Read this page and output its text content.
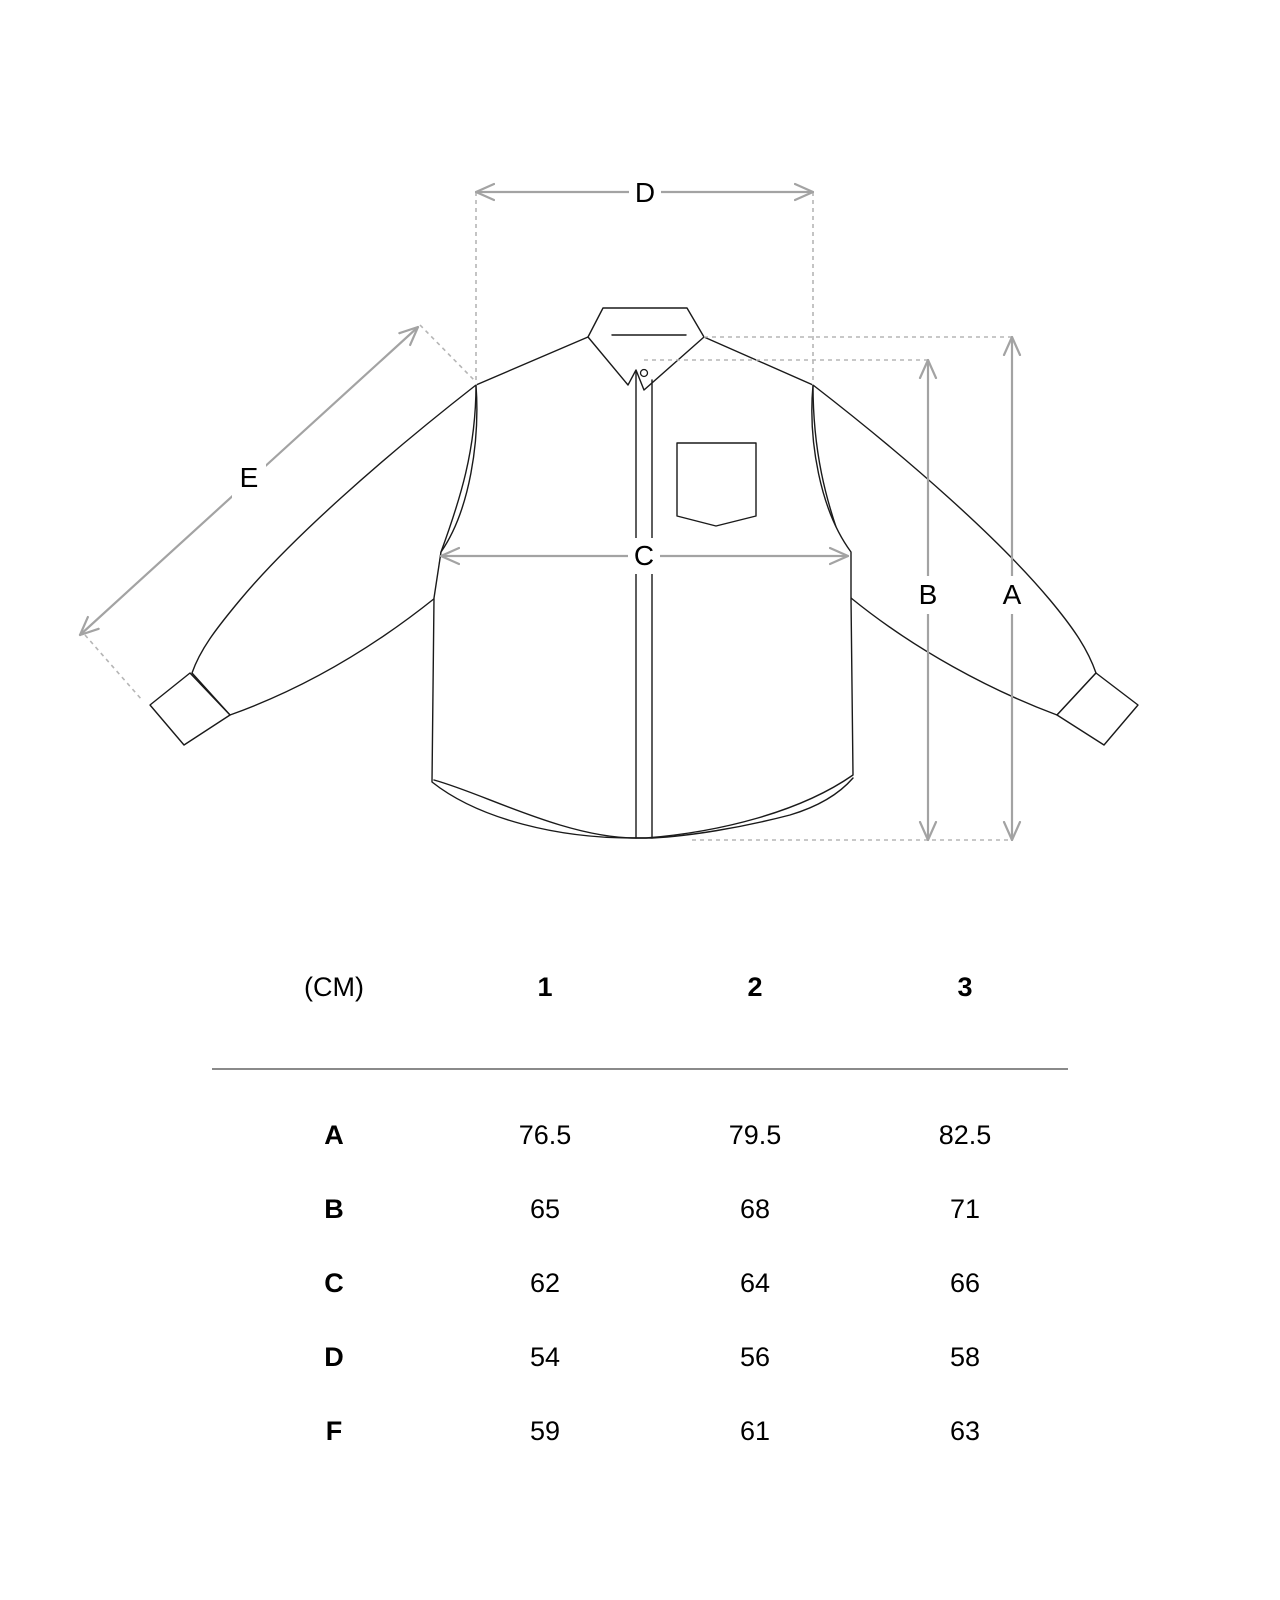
D
C
B A
E
(CM)	1	2	3
A	76.5	79.5	82.5
B	65	68	71
C	62	64	66
D	54	56	58
F	59	61	63
